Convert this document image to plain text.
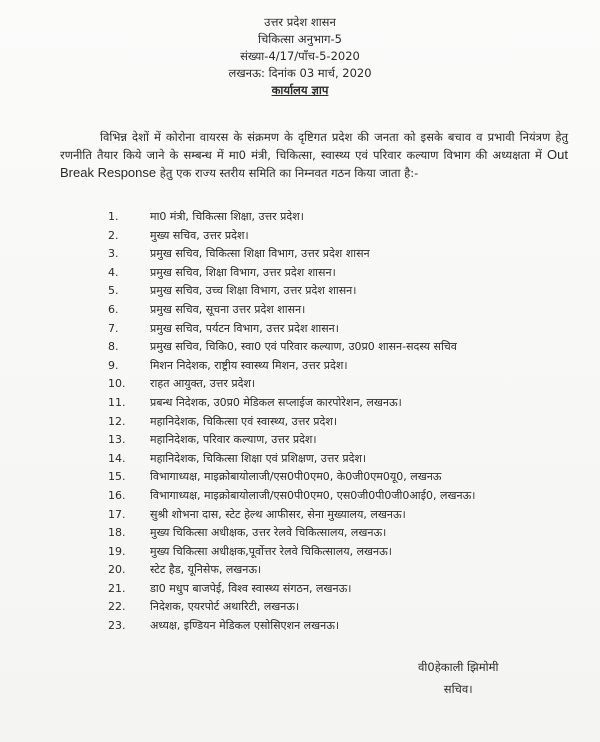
उत्तर प्रदेश शासन
चिकित्सा अनुभाग-5
संख्या-4/17/पाँच-5-2020
लखनऊ: दिनांक 03 मार्च, 2020
कार्यालय ज्ञाप
विभिन्न देशों में कोरोना वायरस के संक्रमण के दृष्टिगत प्रदेश की जनता को इसके बचाव व प्रभावी नियंत्रण हेतु रणनीति तैयार किये जाने के सम्बन्ध में मा0 मंत्री, चिकित्सा, स्वास्थ्य एवं परिवार कल्याण विभाग की अध्यक्षता में Out Break Response हेतु एक राज्य स्तरीय समिति का निम्नवत गठन किया जाता है:-
1.	मा0 मंत्री, चिकित्सा शिक्षा, उत्तर प्रदेश।
2.	मुख्य सचिव, उत्तर प्रदेश।
3.	प्रमुख सचिव, चिकित्सा शिक्षा विभाग, उत्तर प्रदेश शासन
4.	प्रमुख सचिव, शिक्षा विभाग, उत्तर प्रदेश शासन।
5.	प्रमुख सचिव, उच्च शिक्षा विभाग, उत्तर प्रदेश शासन।
6.	प्रमुख सचिव, सूचना उत्तर प्रदेश शासन।
7.	प्रमुख सचिव, पर्यटन विभाग, उत्तर प्रदेश शासन।
8.	प्रमुख सचिव, चिकि0, स्वा0 एवं परिवार कल्याण, उ0प्र0 शासन-सदस्य सचिव
9.	मिशन निदेशक, राष्ट्रीय स्वास्थ्य मिशन, उत्तर प्रदेश।
10.	राहत आयुक्त, उत्तर प्रदेश।
11.	प्रबन्ध निदेशक, उ0प्र0 मेडिकल सप्लाईज कारपोरेशन, लखनऊ।
12.	महानिदेशक, चिकित्सा एवं स्वास्थ्य, उत्तर प्रदेश।
13.	महानिदेशक, परिवार कल्याण, उत्तर प्रदेश।
14.	महानिदेशक, चिकित्सा शिक्षा एवं प्रशिक्षण, उत्तर प्रदेश।
15.	विभागाध्यक्ष, माइक्रोबायोलाजी/एस0पी0एम0, के0जी0एम0यू0, लखनऊ
16.	विभागाध्यक्ष, माइक्रोबायोलाजी/एस0पी0एम0, एस0जी0पी0जी0आई0, लखनऊ।
17.	सुश्री शोभना दास, स्टेट हेल्थ आफीसर, सेना मुख्यालय, लखनऊ।
18.	मुख्य चिकित्सा अधीक्षक, उत्तर रेलवे चिकित्सालय, लखनऊ।
19.	मुख्य चिकित्सा अधीक्षक,पूर्वोत्तर रेलवे चिकित्सालय, लखनऊ।
20.	स्टेट हैड, यूनिसेफ, लखनऊ।
21.	डा0 मधुप बाजपेई, विश्व स्वास्थ्य संगठन, लखनऊ।
22.	निदेशक, एयरपोर्ट अथारिटी, लखनऊ।
23.	अध्यक्ष, इण्डियन मेडिकल एसोसिएशन लखनऊ।
वी0हेकाली झिमोमी
सचिव।
